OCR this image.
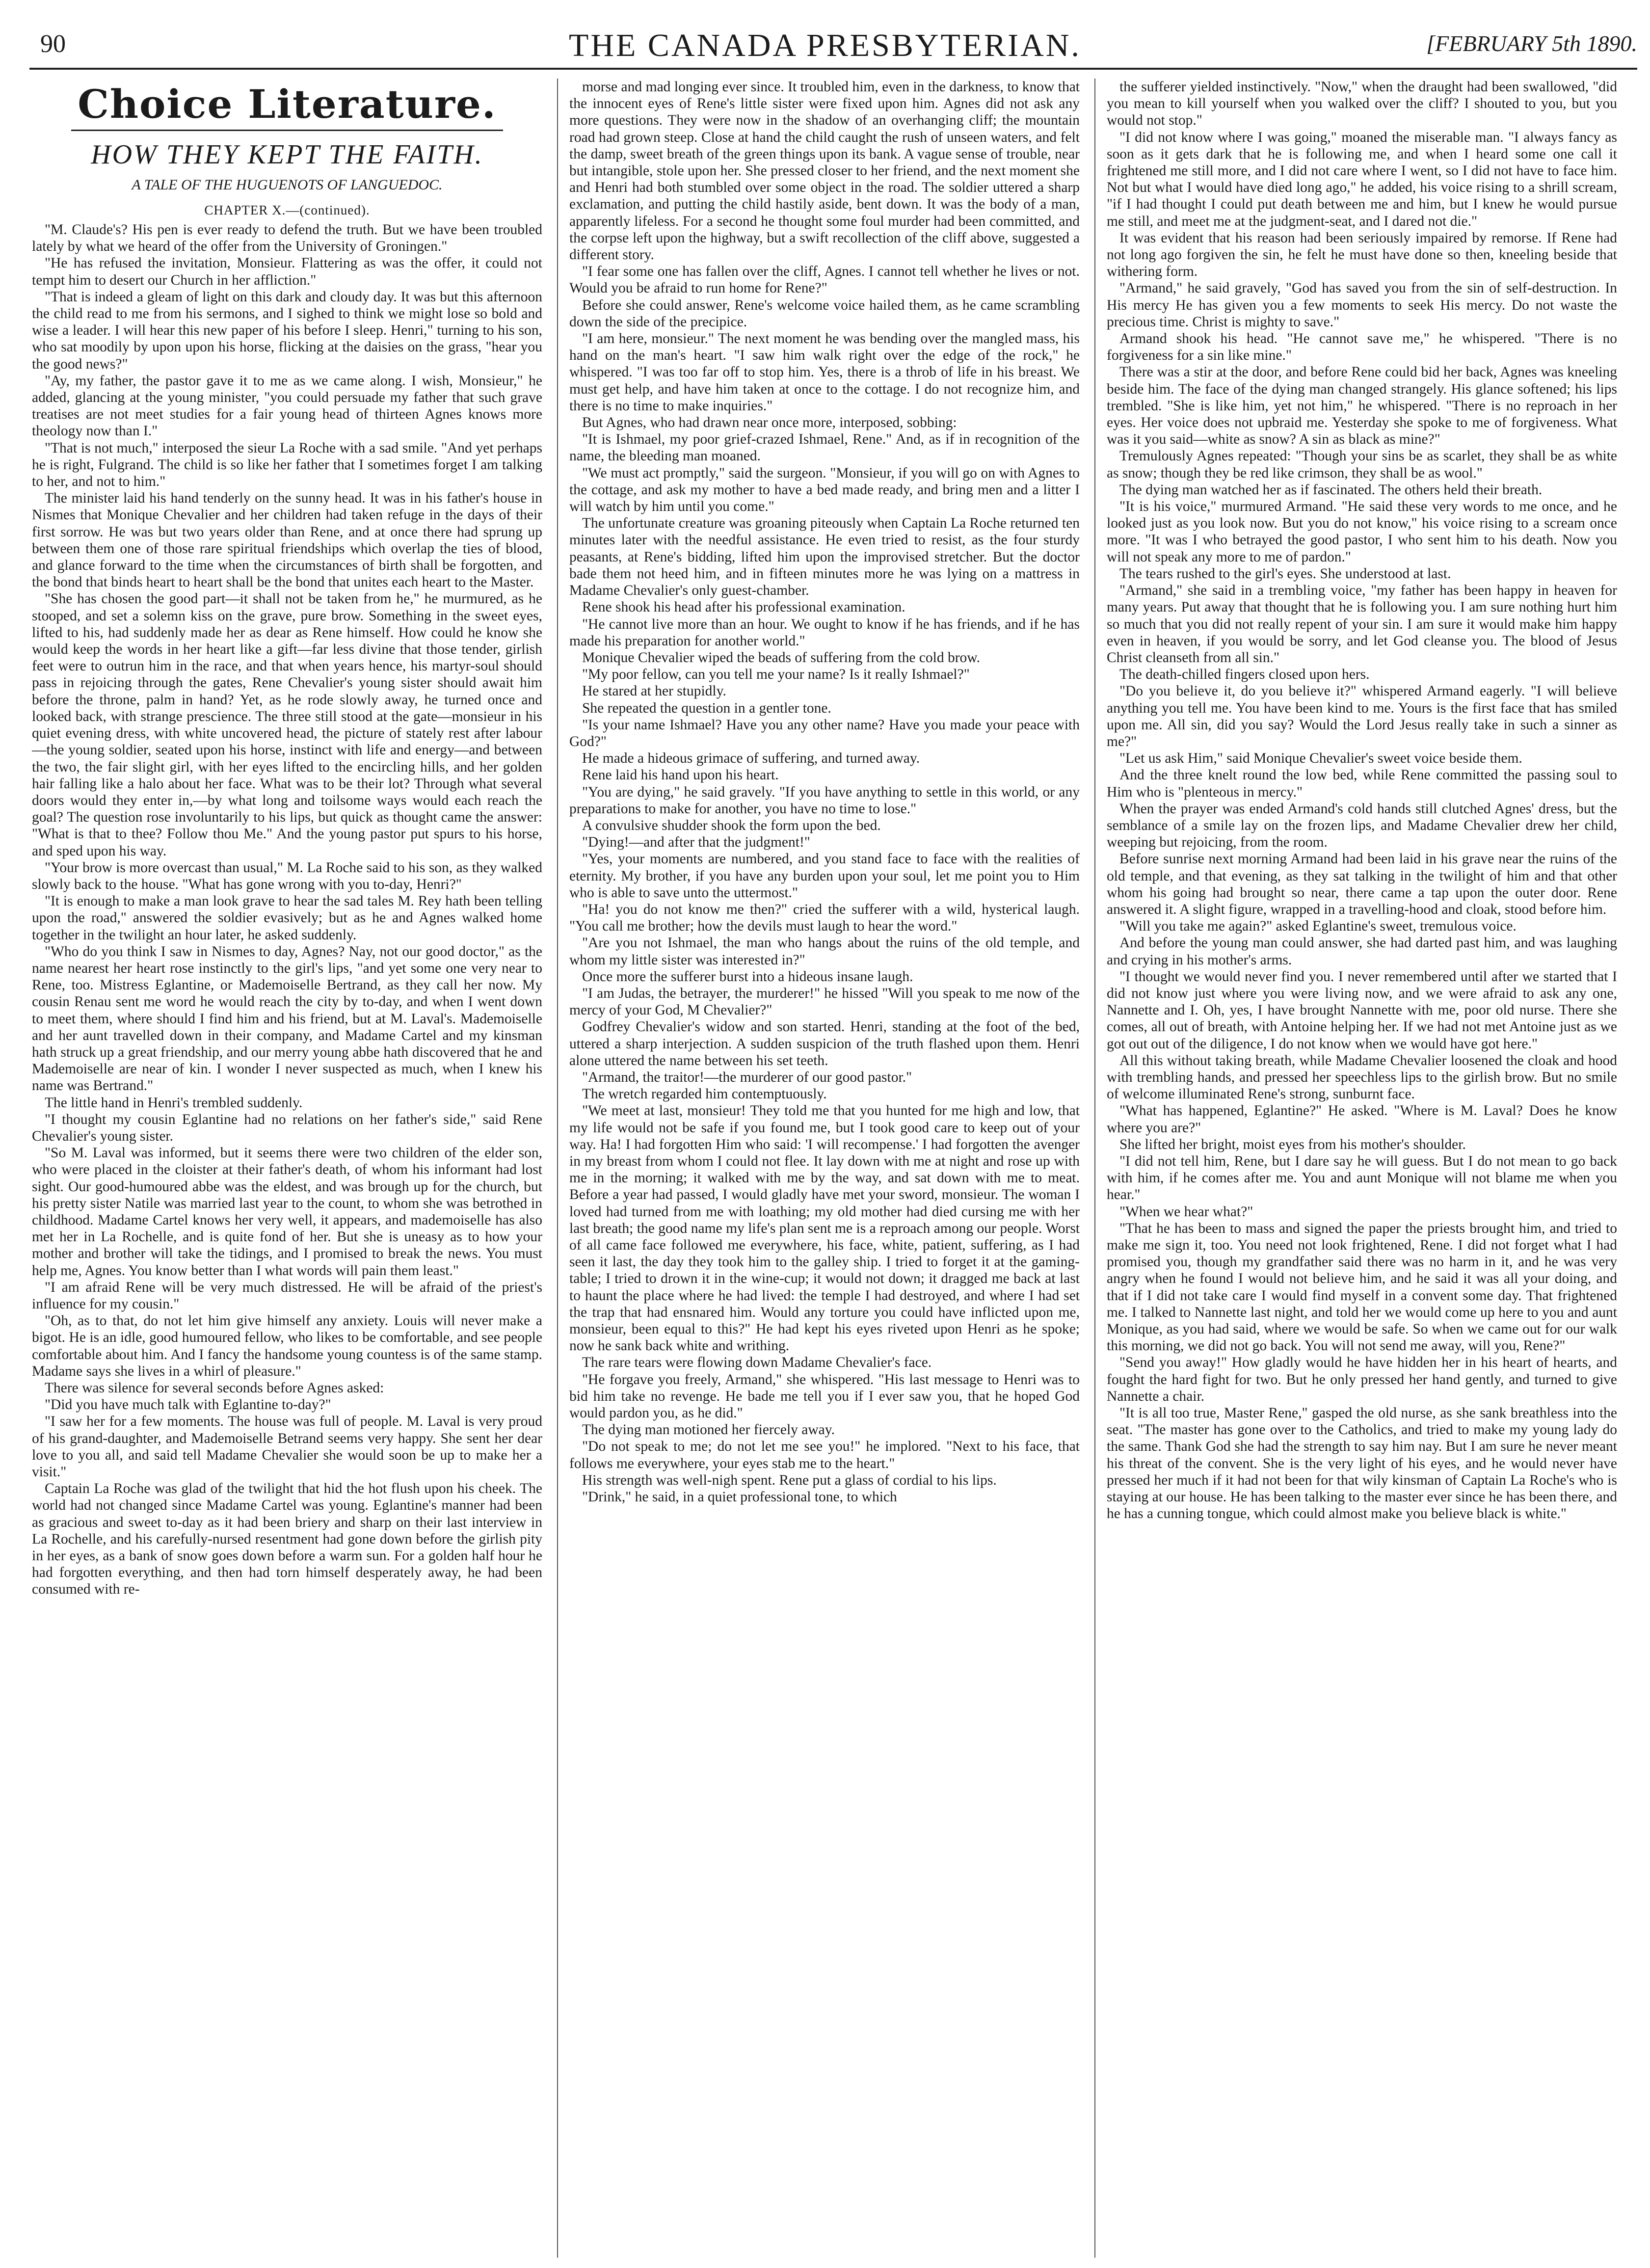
90	THE CANADA PRESBYTERIAN.	[FEBRUARY 5th 1890.
Choice Literature.
HOW THEY KEPT THE FAITH.
A TALE OF THE HUGUENOTS OF LANGUEDOC.
CHAPTER X.—(continued).

"M. Claude's? His pen is ever ready to defend the truth. But we have been troubled lately by what we heard of the offer from the University of Groningen."

"He has refused the invitation, Monsieur. Flattering as was the offer, it could not tempt him to desert our Church in her affliction."

"That is indeed a gleam of light on this dark and cloudy day. It was but this afternoon the child read to me from his sermons, and I sighed to think we might lose so bold and wise a leader. I will hear this new paper of his before I sleep. Henri," turning to his son, who sat moodily by upon upon his horse, flicking at the daisies on the grass, "hear you the good news?"

"Ay, my father, the pastor gave it to me as we came along. I wish, Monsieur," he added, glancing at the young minister, "you could persuade my father that such grave treatises are not meet studies for a fair young head of thirteen Agnes knows more theology now than I."

"That is not much," interposed the sieur La Roche with a sad smile. "And yet perhaps he is right, Fulgrand. The child is so like her father that I sometimes forget I am talking to her, and not to him."

The minister laid his hand tenderly on the sunny head. It was in his father's house in Nismes that Monique Chevalier and her children had taken refuge in the days of their first sorrow. He was but two years older than Rene, and at once there had sprung up between them one of those rare spiritual friendships which overlap the ties of blood, and glance forward to the time when the circumstances of birth shall be forgotten, and the bond that binds heart to heart shall be the bond that unites each heart to the Master.

"She has chosen the good part—it shall not be taken from he," he murmured, as he stooped, and set a solemn kiss on the grave, pure brow. Something in the sweet eyes, lifted to his, had suddenly made her as dear as Rene himself. How could he know she would keep the words in her heart like a gift—far less divine that those tender, girlish feet were to outrun him in the race, and that when years hence, his martyr-soul should pass in rejoicing through the gates, Rene Chevalier's young sister should await him before the throne, palm in hand? Yet, as he rode slowly away, he turned once and looked back, with strange prescience. The three still stood at the gate—monsieur in his quiet evening dress, with white uncovered head, the picture of stately rest after labour—the young soldier, seated upon his horse, instinct with life and energy—and between the two, the fair slight girl, with her eyes lifted to the encircling hills, and her golden hair falling like a halo about her face. What was to be their lot? Through what several doors would they enter in,—by what long and toilsome ways would each reach the goal? The question rose involuntarily to his lips, but quick as thought came the answer: "What is that to thee? Follow thou Me." And the young pastor put spurs to his horse, and sped upon his way.

"Your brow is more overcast than usual," M. La Roche said to his son, as they walked slowly back to the house. "What has gone wrong with you to-day, Henri?"

"It is enough to make a man look grave to hear the sad tales M. Rey hath been telling upon the road," answered the soldier evasively; but as he and Agnes walked home together in the twilight an hour later, he asked suddenly.

"Who do you think I saw in Nismes to day, Agnes? Nay, not our good doctor," as the name nearest her heart rose instinctly to the girl's lips, "and yet some one very near to Rene, too. Mistress Eglantine, or Mademoiselle Bertrand, as they call her now. My cousin Renau sent me word he would reach the city by to-day, and when I went down to meet them, where should I find him and his friend, but at M. Laval's. Mademoiselle and her aunt travelled down in their company, and Madame Cartel and my kinsman hath struck up a great friendship, and our merry young abbe hath discovered that he and Mademoiselle are near of kin. I wonder I never suspected as much, when I knew his name was Bertrand."

The little hand in Henri's trembled suddenly.

"I thought my cousin Eglantine had no relations on her father's side," said Rene Chevalier's young sister.

"So M. Laval was informed, but it seems there were two children of the elder son, who were placed in the cloister at their father's death, of whom his informant had lost sight. Our good-humoured abbe was the eldest, and was brough up for the church, but his pretty sister Natile was married last year to the count, to whom she was betrothed in childhood. Madame Cartel knows her very well, it appears, and mademoiselle has also met her in La Rochelle, and is quite fond of her. But she is uneasy as to how your mother and brother will take the tidings, and I promised to break the news. You must help me, Agnes. You know better than I what words will pain them least."

"I am afraid Rene will be very much distressed. He will be afraid of the priest's influence for my cousin."

"Oh, as to that, do not let him give himself any anxiety. Louis will never make a bigot. He is an idle, good humoured fellow, who likes to be comfortable, and see people comfortable about him. And I fancy the handsome young countess is of the same stamp. Madame says she lives in a whirl of pleasure."

There was silence for several seconds before Agnes asked:

"Did you have much talk with Eglantine to-day?"

"I saw her for a few moments. The house was full of people. M. Laval is very proud of his grand-daughter, and Mademoiselle Betrand seems very happy. She sent her dear love to you all, and said tell Madame Chevalier she would soon be up to make her a visit."

Captain La Roche was glad of the twilight that hid the hot flush upon his cheek. The world had not changed since Madame Cartel was young. Eglantine's manner had been as gracious and sweet to-day as it had been briery and sharp on their last interview in La Rochelle, and his carefully-nursed resentment had gone down before the girlish pity in her eyes, as a bank of snow goes down before a warm sun. For a golden half hour he had forgotten everything, and then had torn himself desperately away, he had been consumed with re-

morse and mad longing ever since. It troubled him, even in the darkness, to know that the innocent eyes of Rene's little sister were fixed upon him. Agnes did not ask any more questions. They were now in the shadow of an overhanging cliff; the mountain road had grown steep. Close at hand the child caught the rush of unseen waters, and felt the damp, sweet breath of the green things upon its bank. A vague sense of trouble, near but intangible, stole upon her. She pressed closer to her friend, and the next moment she and Henri had both stumbled over some object in the road. The soldier uttered a sharp exclamation, and putting the child hastily aside, bent down. It was the body of a man, apparently lifeless. For a second he thought some foul murder had been committed, and the corpse left upon the highway, but a swift recollection of the cliff above, suggested a different story.

"I fear some one has fallen over the cliff, Agnes. I cannot tell whether he lives or not. Would you be afraid to run home for Rene?"

Before she could answer, Rene's welcome voice hailed them, as he came scrambling down the side of the precipice.

"I am here, monsieur." The next moment he was bending over the mangled mass, his hand on the man's heart. "I saw him walk right over the edge of the rock," he whispered. "I was too far off to stop him. Yes, there is a throb of life in his breast. We must get help, and have him taken at once to the cottage. I do not recognize him, and there is no time to make inquiries."

But Agnes, who had drawn near once more, interposed, sobbing:

"It is Ishmael, my poor grief-crazed Ishmael, Rene." And, as if in recognition of the name, the bleeding man moaned.

"We must act promptly," said the surgeon. "Monsieur, if you will go on with Agnes to the cottage, and ask my mother to have a bed made ready, and bring men and a litter I will watch by him until you come."

The unfortunate creature was groaning piteously when Captain La Roche returned ten minutes later with the needful assistance. He even tried to resist, as the four sturdy peasants, at Rene's bidding, lifted him upon the improvised stretcher. But the doctor bade them not heed him, and in fifteen minutes more he was lying on a mattress in Madame Chevalier's only guest-chamber.

Rene shook his head after his professional examination.

"He cannot live more than an hour. We ought to know if he has friends, and if he has made his preparation for another world."

Monique Chevalier wiped the beads of suffering from the cold brow.

"My poor fellow, can you tell me your name? Is it really Ishmael?"

He stared at her stupidly.

She repeated the question in a gentler tone.

"Is your name Ishmael? Have you any other name? Have you made your peace with God?"

He made a hideous grimace of suffering, and turned away.

Rene laid his hand upon his heart.

"You are dying," he said gravely. "If you have anything to settle in this world, or any preparations to make for another, you have no time to lose."

A convulsive shudder shook the form upon the bed.

"Dying!—and after that the judgment!"

"Yes, your moments are numbered, and you stand face to face with the realities of eternity. My brother, if you have any burden upon your soul, let me point you to Him who is able to save unto the uttermost."

"Ha! you do not know me then?" cried the sufferer with a wild, hysterical laugh. "You call me brother; how the devils must laugh to hear the word."

"Are you not Ishmael, the man who hangs about the ruins of the old temple, and whom my little sister was interested in?"

Once more the sufferer burst into a hideous insane laugh.

"I am Judas, the betrayer, the murderer!" he hissed "Will you speak to me now of the mercy of your God, M Chevalier?"

Godfrey Chevalier's widow and son started. Henri, standing at the foot of the bed, uttered a sharp interjection. A sudden suspicion of the truth flashed upon them. Henri alone uttered the name between his set teeth.

"Armand, the traitor!—the murderer of our good pastor."

The wretch regarded him contemptuously.

"We meet at last, monsieur! They told me that you hunted for me high and low, that my life would not be safe if you found me, but I took good care to keep out of your way. Ha! I had forgotten Him who said: 'I will recompense.' I had forgotten the avenger in my breast from whom I could not flee. It lay down with me at night and rose up with me in the morning; it walked with me by the way, and sat down with me to meat. Before a year had passed, I would gladly have met your sword, monsieur. The woman I loved had turned from me with loathing; my old mother had died cursing me with her last breath; the good name my life's plan sent me is a reproach among our people. Worst of all came face followed me everywhere, his face, white, patient, suffering, as I had seen it last, the day they took him to the galley ship. I tried to forget it at the gaming-table; I tried to drown it in the wine-cup; it would not down; it dragged me back at last to haunt the place where he had lived: the temple I had destroyed, and where I had set the trap that had ensnared him. Would any torture you could have inflicted upon me, monsieur, been equal to this?" He had kept his eyes riveted upon Henri as he spoke; now he sank back white and writhing.

The rare tears were flowing down Madame Chevalier's face.

"He forgave you freely, Armand," she whispered. "His last message to Henri was to bid him take no revenge. He bade me tell you if I ever saw you, that he hoped God would pardon you, as he did."

The dying man motioned her fiercely away.

"Do not speak to me; do not let me see you!" he implored. "Next to his face, that follows me everywhere, your eyes stab me to the heart."

His strength was well-nigh spent. Rene put a glass of cordial to his lips.

"Drink," he said, in a quiet professional tone, to which

the sufferer yielded instinctively. "Now," when the draught had been swallowed, "did you mean to kill yourself when you walked over the cliff? I shouted to you, but you would not stop."

"I did not know where I was going," moaned the miserable man. "I always fancy as soon as it gets dark that he is following me, and when I heard some one call it frightened me still more, and I did not care where I went, so I did not have to face him. Not but what I would have died long ago," he added, his voice rising to a shrill scream, "if I had thought I could put death between me and him, but I knew he would pursue me still, and meet me at the judgment-seat, and I dared not die."

It was evident that his reason had been seriously impaired by remorse. If Rene had not long ago forgiven the sin, he felt he must have done so then, kneeling beside that withering form.

"Armand," he said gravely, "God has saved you from the sin of self-destruction. In His mercy He has given you a few moments to seek His mercy. Do not waste the precious time. Christ is mighty to save."

Armand shook his head. "He cannot save me," he whispered. "There is no forgiveness for a sin like mine."

There was a stir at the door, and before Rene could bid her back, Agnes was kneeling beside him. The face of the dying man changed strangely. His glance softened; his lips trembled. "She is like him, yet not him," he whispered. "There is no reproach in her eyes. Her voice does not upbraid me. Yesterday she spoke to me of forgiveness. What was it you said—white as snow? A sin as black as mine?"

Tremulously Agnes repeated: "Though your sins be as scarlet, they shall be as white as snow; though they be red like crimson, they shall be as wool."

The dying man watched her as if fascinated. The others held their breath.

"It is his voice," murmured Armand. "He said these very words to me once, and he looked just as you look now. But you do not know," his voice rising to a scream once more. "It was I who betrayed the good pastor, I who sent him to his death. Now you will not speak any more to me of pardon."

The tears rushed to the girl's eyes. She understood at last.

"Armand," she said in a trembling voice, "my father has been happy in heaven for many years. Put away that thought that he is following you. I am sure nothing hurt him so much that you did not really repent of your sin. I am sure it would make him happy even in heaven, if you would be sorry, and let God cleanse you. The blood of Jesus Christ cleanseth from all sin."

The death-chilled fingers closed upon hers.

"Do you believe it, do you believe it?" whispered Armand eagerly. "I will believe anything you tell me. You have been kind to me. Yours is the first face that has smiled upon me. All sin, did you say? Would the Lord Jesus really take in such a sinner as me?"

"Let us ask Him," said Monique Chevalier's sweet voice beside them.

And the three knelt round the low bed, while Rene committed the passing soul to Him who is "plenteous in mercy."

When the prayer was ended Armand's cold hands still clutched Agnes' dress, but the semblance of a smile lay on the frozen lips, and Madame Chevalier drew her child, weeping but rejoicing, from the room.

Before sunrise next morning Armand had been laid in his grave near the ruins of the old temple, and that evening, as they sat talking in the twilight of him and that other whom his going had brought so near, there came a tap upon the outer door. Rene answered it. A slight figure, wrapped in a travelling-hood and cloak, stood before him.

"Will you take me again?" asked Eglantine's sweet, tremulous voice.

And before the young man could answer, she had darted past him, and was laughing and crying in his mother's arms.

"I thought we would never find you. I never remembered until after we started that I did not know just where you were living now, and we were afraid to ask any one, Nannette and I. Oh, yes, I have brought Nannette with me, poor old nurse. There she comes, all out of breath, with Antoine helping her. If we had not met Antoine just as we got out out of the diligence, I do not know when we would have got here."

All this without taking breath, while Madame Chevalier loosened the cloak and hood with trembling hands, and pressed her speechless lips to the girlish brow. But no smile of welcome illuminated Rene's strong, sunburnt face.

"What has happened, Eglantine?" He asked. "Where is M. Laval? Does he know where you are?"

She lifted her bright, moist eyes from his mother's shoulder.

"I did not tell him, Rene, but I dare say he will guess. But I do not mean to go back with him, if he comes after me. You and aunt Monique will not blame me when you hear."

"When we hear what?"

"That he has been to mass and signed the paper the priests brought him, and tried to make me sign it, too. You need not look frightened, Rene. I did not forget what I had promised you, though my grandfather said there was no harm in it, and he was very angry when he found I would not believe him, and he said it was all your doing, and that if I did not take care I would find myself in a convent some day. That frightened me. I talked to Nannette last night, and told her we would come up here to you and aunt Monique, as you had said, where we would be safe. So when we came out for our walk this morning, we did not go back. You will not send me away, will you, Rene?"

"Send you away!" How gladly would he have hidden her in his heart of hearts, and fought the hard fight for two. But he only pressed her hand gently, and turned to give Nannette a chair.

"It is all too true, Master Rene," gasped the old nurse, as she sank breathless into the seat. "The master has gone over to the Catholics, and tried to make my young lady do the same. Thank God she had the strength to say him nay. But I am sure he never meant his threat of the convent. She is the very light of his eyes, and he would never have pressed her much if it had not been for that wily kinsman of Captain La Roche's who is staying at our house. He has been talking to the master ever since he has been there, and he has a cunning tongue, which could almost make you believe black is white."
